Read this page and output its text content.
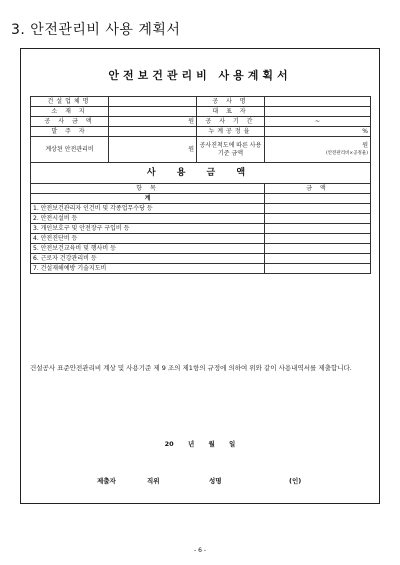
3. 안전관리비 사용 계획서
안전보건관리비 사용계획서
건설업체명		공 사 명	
소 재 지		대 표 자	
공 사 금 액	원	공 사 기 간	~
발 주 자		누계공정율	%
계상된 안전관리비	원	공사진척도에 따른 사용기준 금액	원
(안전관리비×공정율)

사 용 금 액			
항 목			금 액
계			
1. 안전보건관리자 인건비 및 각종업무수당 등			
2. 안전시설비 등			
3. 개인보호구 및 안전장구 구입비 등			
4. 안전진단비 등			
5. 안전보건교육비 및 행사비 등			
6. 근로자 건강관리비 등			
7. 건설재해예방 기술지도비			
건설공사 표준안전관리비 계상 및 사용기준 제 9 조의 제1항의 규정에 의하여 위와 같이 사용내역서를 제출합니다.
20 년 월 일
제출자	직위	성명	(인)
- 6 -
